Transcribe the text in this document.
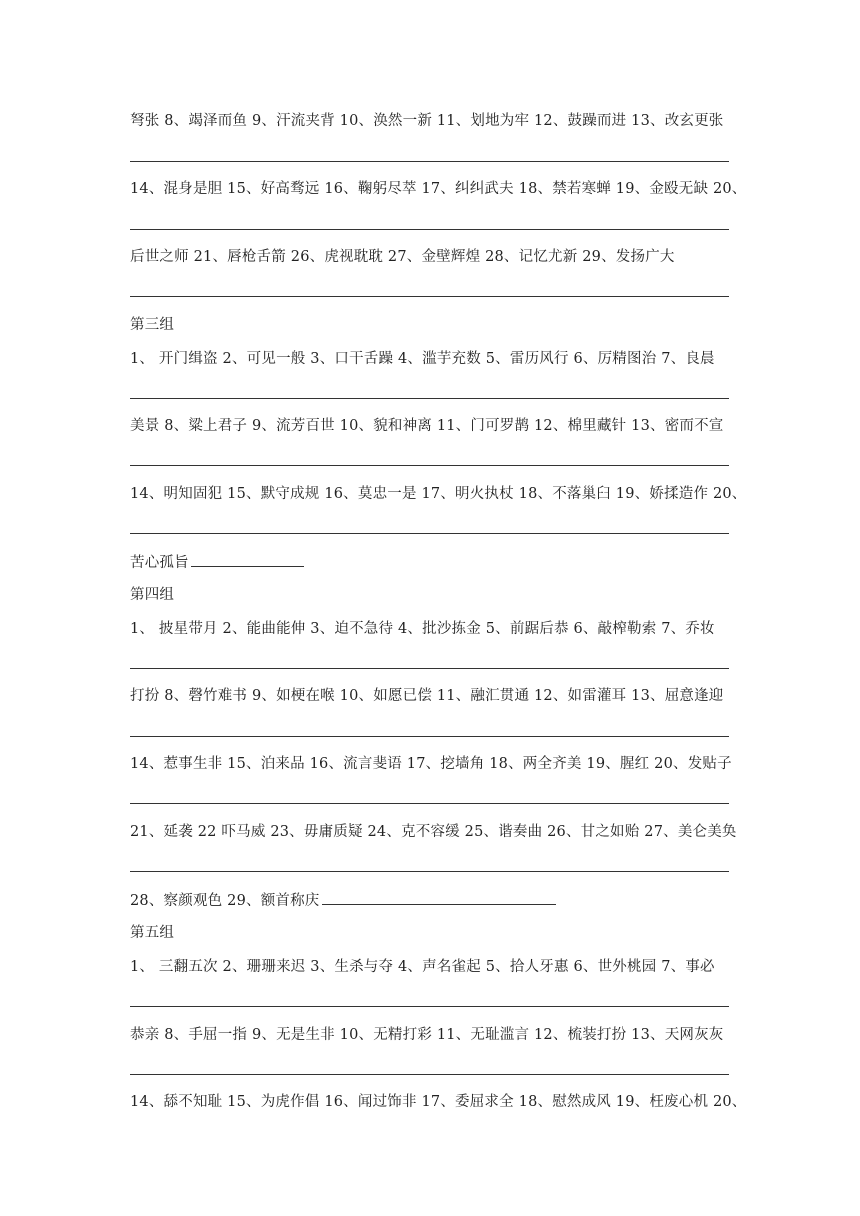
弩张 8、竭泽而鱼 9、汗流夹背 10、涣然一新 11、划地为牢 12、鼓躁而进 13、改玄更张
14、混身是胆 15、好高骛远 16、鞠躬尽萃 17、纠纠武夫 18、禁若寒蝉 19、金殴无缺 20、
后世之师 21、唇枪舌箭 26、虎视耽耽 27、金壁辉煌 28、记忆尤新 29、发扬广大
第三组
1、 开门缉盗 2、可见一般 3、口干舌躁 4、滥芋充数 5、雷历风行 6、厉精图治 7、良晨
美景 8、粱上君子 9、流芳百世 10、貌和神离 11、门可罗鹊 12、棉里藏针 13、密而不宣
14、明知固犯 15、默守成规 16、莫忠一是 17、明火执杖 18、不落巢臼 19、娇揉造作 20、
苦心孤旨
第四组
1、 披星带月 2、能曲能伸 3、迫不急待 4、批沙拣金 5、前踞后恭 6、敲榨勒索 7、乔妆
打扮 8、磬竹难书 9、如梗在喉 10、如愿已偿 11、融汇贯通 12、如雷灌耳 13、屈意逢迎
14、惹事生非 15、泊来品 16、流言斐语 17、挖墙角 18、两全齐美 19、腥红 20、发贴子
21、延袭 22 吓马威 23、毋庸质疑 24、克不容缓 25、谐奏曲 26、甘之如贻 27、美仑美奂
28、察颜观色 29、额首称庆
第五组
1、 三翻五次 2、珊珊来迟 3、生杀与夺 4、声名雀起 5、拾人牙惠 6、世外桃园 7、事必
恭亲 8、手屈一指 9、无是生非 10、无精打彩 11、无耻滥言 12、梳装打扮 13、天网灰灰
14、舔不知耻 15、为虎作倡 16、闻过饰非 17、委屈求全 18、慰然成风 19、枉废心机 20、
